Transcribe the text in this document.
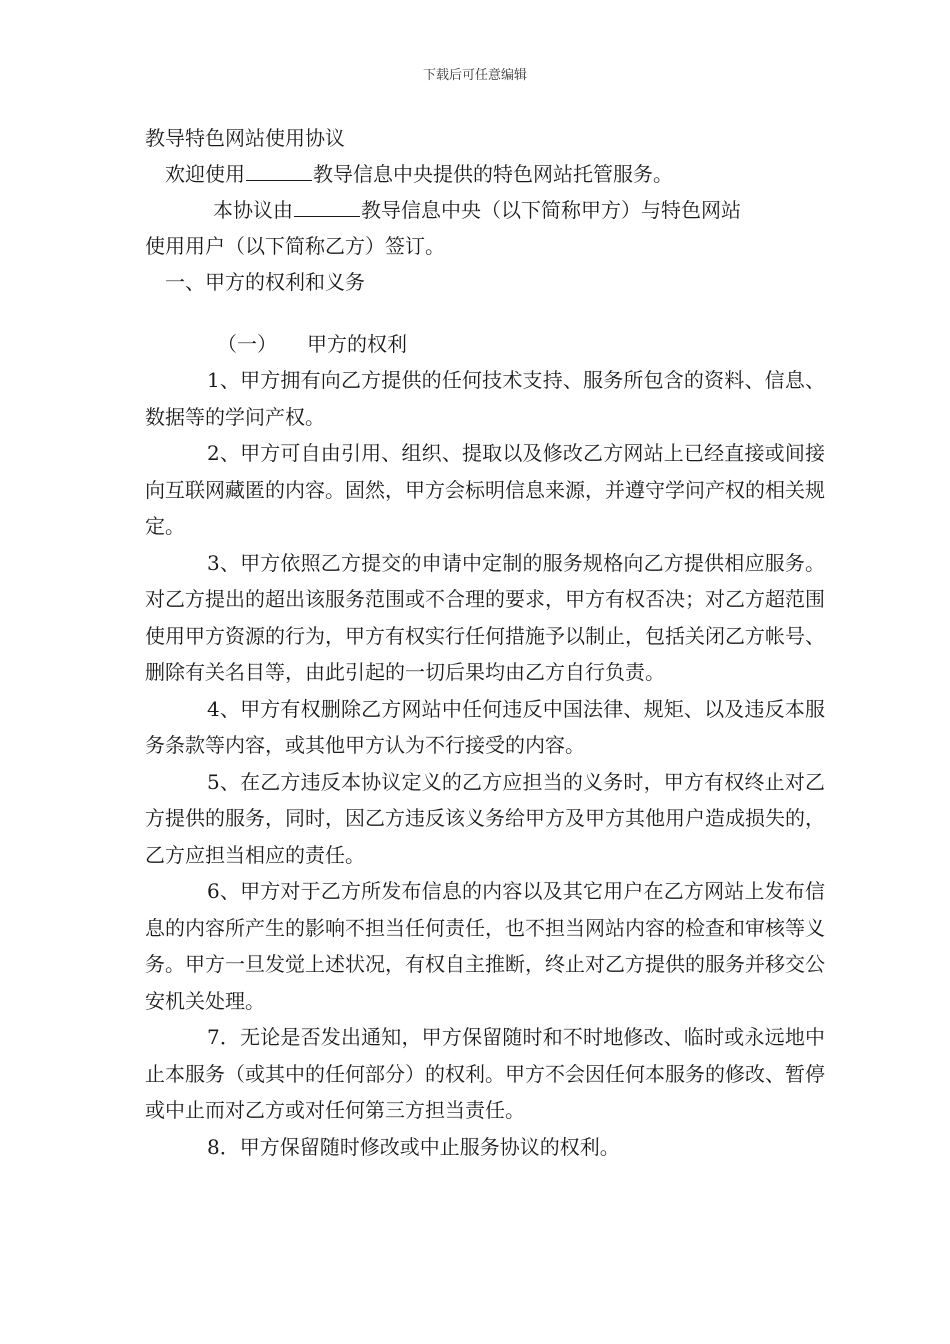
下载后可任意编辑
教导特色网站使用协议
欢迎使用	教导信息中央提供的特色网站托管服务。
本协议由	教导信息中央（以下简称甲方）与特色网站
使用用户（以下简称乙方）签订。
一、甲方的权利和义务
（一） 甲方的权利

1、甲方拥有向乙方提供的任何技术支持、服务所包含的资料、信息、数据等的学问产权。

2、甲方可自由引用、组织、提取以及修改乙方网站上已经直接或间接向互联网藏匿的内容。固然，甲方会标明信息来源，并遵守学问产权的相关规定。

3、甲方依照乙方提交的申请中定制的服务规格向乙方提供相应服务。对乙方提出的超出该服务范围或不合理的要求，甲方有权否决；对乙方超范围使用甲方资源的行为，甲方有权实行任何措施予以制止，包括关闭乙方帐号、删除有关名目等，由此引起的一切后果均由乙方自行负责。

4、甲方有权删除乙方网站中任何违反中国法律、规矩、以及违反本服务条款等内容，或其他甲方认为不行接受的内容。

5、在乙方违反本协议定义的乙方应担当的义务时，甲方有权终止对乙方提供的服务，同时，因乙方违反该义务给甲方及甲方其他用户造成损失的，乙方应担当相应的责任。

6、甲方对于乙方所发布信息的内容以及其它用户在乙方网站上发布信息的内容所产生的影响不担当任何责任，也不担当网站内容的检查和审核等义务。甲方一旦发觉上述状况，有权自主推断，终止对乙方提供的服务并移交公安机关处理。

7．无论是否发出通知，甲方保留随时和不时地修改、临时或永远地中止本服务（或其中的任何部分）的权利。甲方不会因任何本服务的修改、暂停或中止而对乙方或对任何第三方担当责任。

8．甲方保留随时修改或中止服务协议的权利。
